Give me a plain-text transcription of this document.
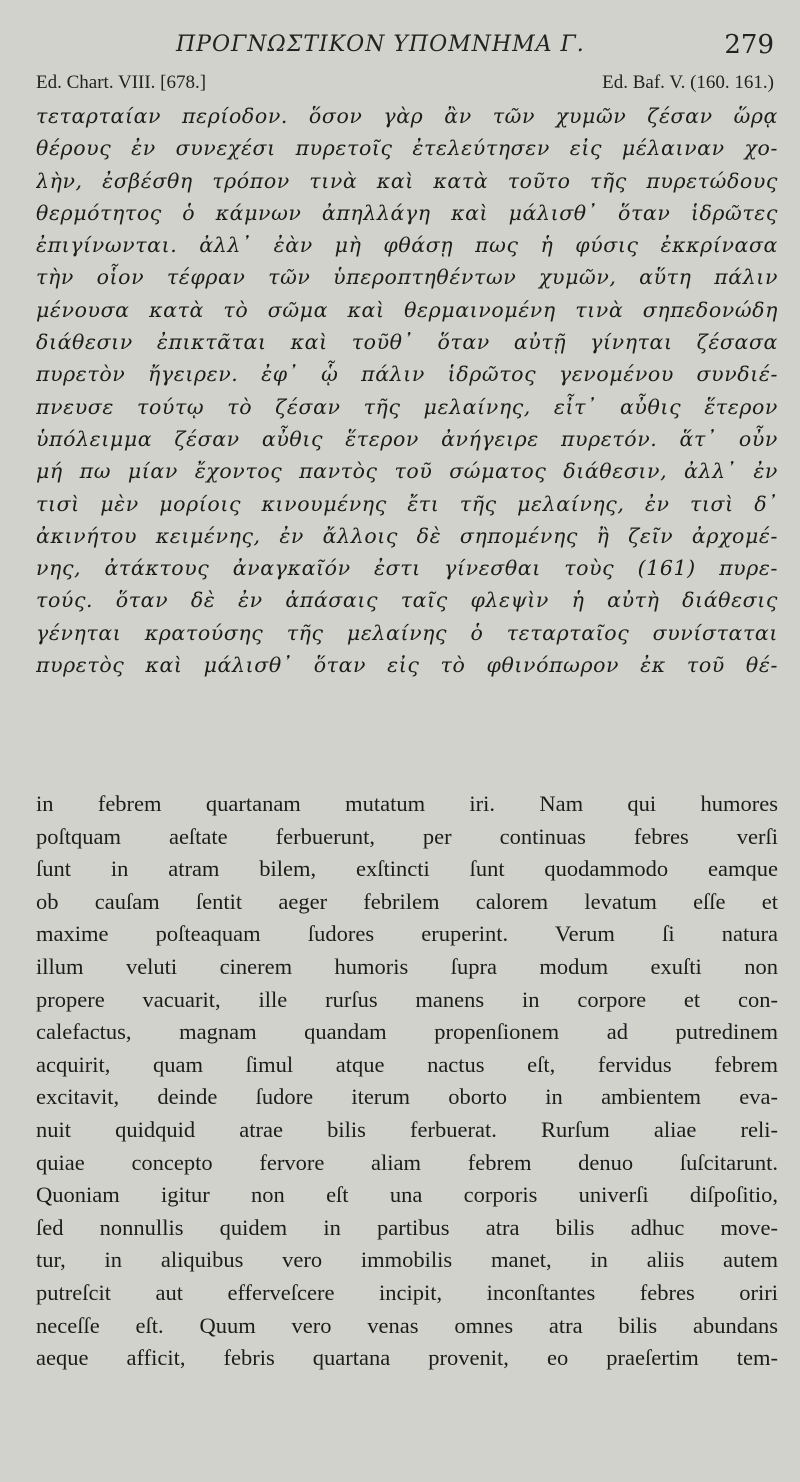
ΠΡΟΓΝΩΣΤΙΚΟΝ ΥΠΟΜΝΗΜΑ Γ.	279
Ed. Chart. VIII. [678.]	Ed. Baf. V. (160. 161.)
τεταρταίαν περίοδον. ὅσον γὰρ ἂν τῶν χυμῶν ζέσαν ὥρᾳ
θέρους ἐν συνεχέσι πυρετοῖς ἐτελεύτησεν εἰς μέλαιναν χο-
λὴν, ἐσβέσθη τρόπον τινὰ καὶ κατὰ τοῦτο τῆς πυρετώδους
θερμότητος ὁ κάμνων ἀπηλλάγη καὶ μάλισθ᾽ ὅταν ἱδρῶτες
ἐπιγίνωνται. ἀλλ᾽ ἐὰν μὴ φθάσῃ πως ἡ φύσις ἐκκρίνασα
τὴν οἷον τέφραν τῶν ὑπεροπτηθέντων χυμῶν, αὕτη πάλιν
μένουσα κατὰ τὸ σῶμα καὶ θερμαινομένη τινὰ σηπεδονώδη
διάθεσιν ἐπικτᾶται καὶ τοῦθ᾽ ὅταν αὐτῇ γίνηται ζέσασα
πυρετὸν ἤγειρεν. ἐφ᾽ ᾧ πάλιν ἱδρῶτος γενομένου συνδιέ-
πνευσε τούτῳ τὸ ζέσαν τῆς μελαίνης, εἶτ᾽ αὖθις ἕτερον
ὑπόλειμμα ζέσαν αὖθις ἕτερον ἀνήγειρε πυρετόν. ἅτ᾽ οὖν
μή πω μίαν ἔχοντος παντὸς τοῦ σώματος διάθεσιν, ἀλλ᾽ ἐν
τισὶ μὲν μορίοις κινουμένης ἔτι τῆς μελαίνης, ἐν τισὶ δ᾽
ἀκινήτου κειμένης, ἐν ἄλλοις δὲ σηπομένης ἢ ζεῖν ἀρχομέ-
νης, ἀτάκτους ἀναγκαῖόν ἐστι γίνεσθαι τοὺς (161) πυρε-
τούς. ὅταν δὲ ἐν ἁπάσαις ταῖς φλεψὶν ἡ αὐτὴ διάθεσις
γένηται κρατούσης τῆς μελαίνης ὁ τεταρταῖος συνίσταται
πυρετὸς καὶ μάλισθ᾽ ὅταν εἰς τὸ φθινόπωρον ἐκ τοῦ θέ-
in febrem quartanam mutatum iri. Nam qui humores
poſtquam aeſtate ferbuerunt, per continuas febres verſi
ſunt in atram bilem, exſtincti ſunt quodammodo eamque
ob cauſam ſentit aeger febrilem calorem levatum eſſe et
maxime poſteaquam ſudores eruperint. Verum ſi natura
illum veluti cinerem humoris ſupra modum exuſti non
propere vacuarit, ille rurſus manens in corpore et con-
calefactus, magnam quandam propenſionem ad putredinem
acquirit, quam ſimul atque nactus eſt, fervidus febrem
excitavit, deinde ſudore iterum oborto in ambientem eva-
nuit quidquid atrae bilis ferbuerat. Rurſum aliae reli-
quiae concepto fervore aliam febrem denuo ſuſcitarunt.
Quoniam igitur non eſt una corporis univerſi diſpoſitio,
ſed nonnullis quidem in partibus atra bilis adhuc move-
tur, in aliquibus vero immobilis manet, in aliis autem
putreſcit aut efferveſcere incipit, inconſtantes febres oriri
neceſſe eſt. Quum vero venas omnes atra bilis abundans
aeque afficit, febris quartana provenit, eo praeſertim tem-
